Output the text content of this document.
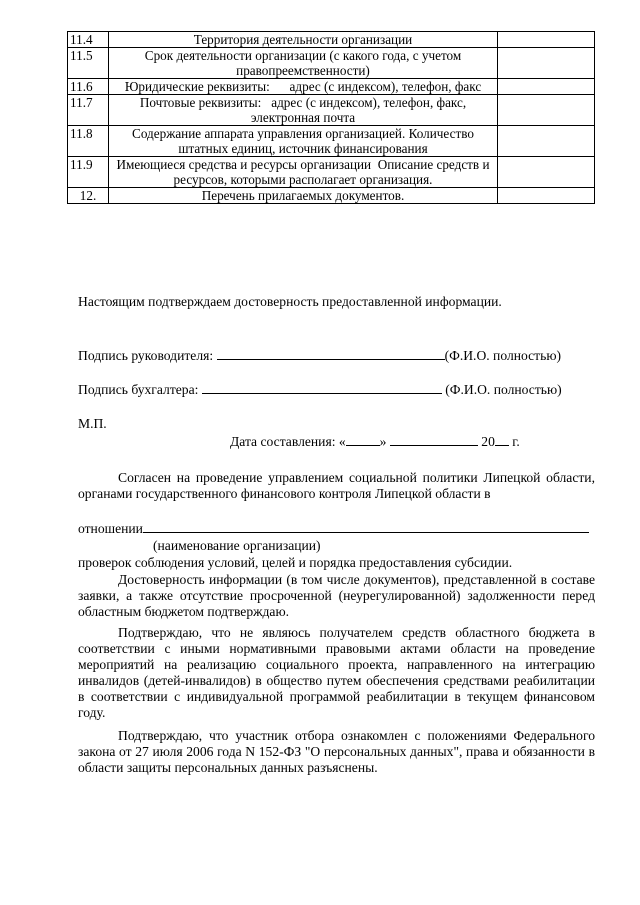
11.4	Территория деятельности организации	
11.5	Срок деятельности организации (с какого года, с учетом правопреемственности)	
11.6	Юридические реквизиты:      адрес (с индексом), телефон, факс	
11.7	Почтовые реквизиты:   адрес (с индексом), телефон, факс, электронная почта	
11.8	Содержание аппарата управления организацией. Количество штатных единиц, источник финансирования	
11.9	Имеющиеся средства и ресурсы организации  Описание средств и ресурсов, которыми располагает организация.	
12.	Перечень прилагаемых документов.	
Настоящим подтверждаем достоверность предоставленной информации.
Подпись руководителя:	(Ф.И.О. полностью)
Подпись бухгалтера:	(Ф.И.О. полностью)
М.П.
Дата составления: «	»	20 г.
Согласен на проведение управлением социальной политики Липецкой области, органами государственного финансового контроля Липецкой области в
отношении
(наименование организации)
проверок соблюдения условий, целей и порядка предоставления субсидии.
Достоверность информации (в том числе документов), представленной в составе заявки, а также отсутствие просроченной (неурегулированной) задолженности перед областным бюджетом подтверждаю.
Подтверждаю, что не являюсь получателем средств областного бюджета в соответствии с иными нормативными правовыми актами области на проведение мероприятий на реализацию социального проекта, направленного на интеграцию инвалидов (детей-инвалидов) в общество путем обеспечения средствами реабилитации в соответствии с индивидуальной программой реабилитации в текущем финансовом году.
Подтверждаю, что участник отбора ознакомлен с положениями Федерального закона от 27 июля 2006 года N 152-ФЗ "О персональных данных", права и обязанности в области защиты персональных данных разъяснены.
